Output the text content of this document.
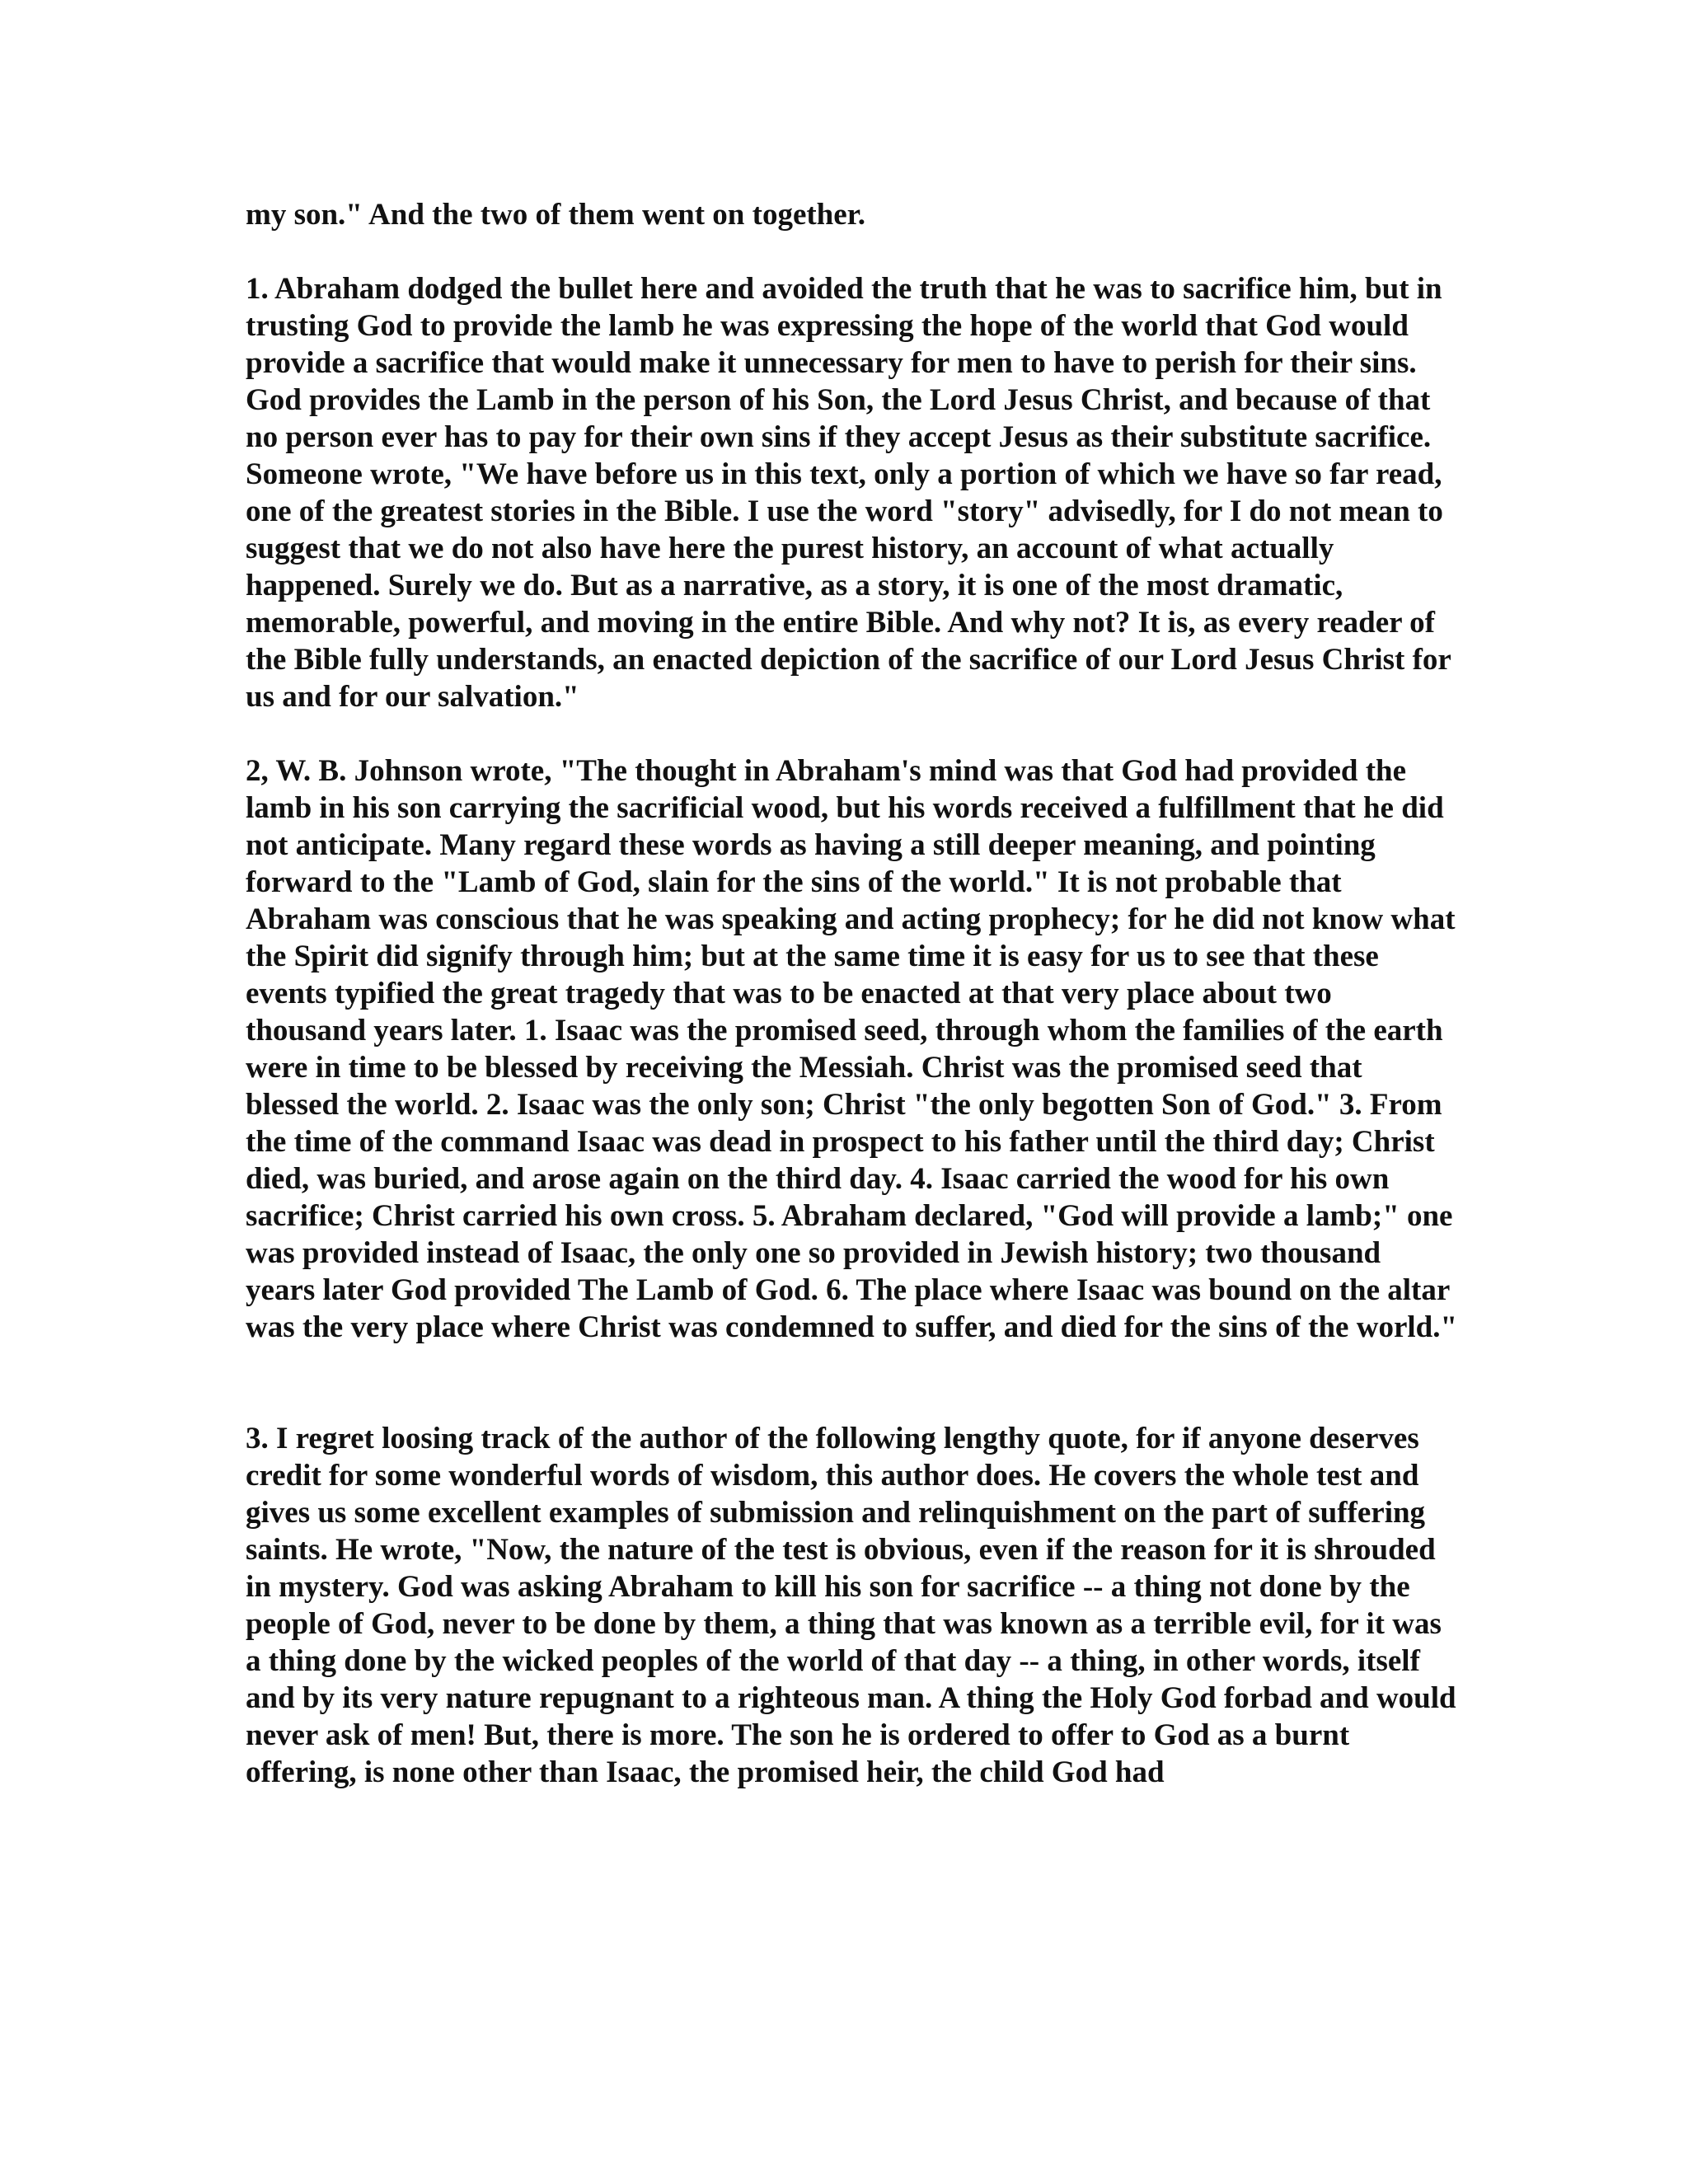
my son." And the two of them went on together.

1. Abraham dodged the bullet here and avoided the truth that he was to sacrifice him, but in trusting God to provide the lamb he was expressing the hope of the world that God would provide a sacrifice that would make it unnecessary for men to have to perish for their sins. God provides the Lamb in the person of his Son, the Lord Jesus Christ, and because of that no person ever has to pay for their own sins if they accept Jesus as their substitute sacrifice. Someone wrote, "We have before us in this text, only a portion of which we have so far read, one of the greatest stories in the Bible. I use the word "story" advisedly, for I do not mean to suggest that we do not also have here the purest history, an account of what actually happened. Surely we do. But as a narrative, as a story, it is one of the most dramatic, memorable, powerful, and moving in the entire Bible. And why not? It is, as every reader of the Bible fully understands, an enacted depiction of the sacrifice of our Lord Jesus Christ for us and for our salvation."

2, W. B. Johnson wrote, "The thought in Abraham's mind was that God had provided the lamb in his son carrying the sacrificial wood, but his words received a fulfillment that he did not anticipate. Many regard these words as having a still deeper meaning, and pointing forward to the "Lamb of God, slain for the sins of the world." It is not probable that Abraham was conscious that he was speaking and acting prophecy; for he did not know what the Spirit did signify through him; but at the same time it is easy for us to see that these events typified the great tragedy that was to be enacted at that very place about two thousand years later. 1. Isaac was the promised seed, through whom the families of the earth were in time to be blessed by receiving the Messiah. Christ was the promised seed that blessed the world. 2. Isaac was the only son; Christ "the only begotten Son of God." 3. From the time of the command Isaac was dead in prospect to his father until the third day; Christ died, was buried, and arose again on the third day. 4. Isaac carried the wood for his own sacrifice; Christ carried his own cross. 5. Abraham declared, "God will provide a lamb;" one was provided instead of Isaac, the only one so provided in Jewish history; two thousand years later God provided The Lamb of God. 6. The place where Isaac was bound on the altar was the very place where Christ was condemned to suffer, and died for the sins of the world."

3. I regret loosing track of the author of the following lengthy quote, for if anyone deserves credit for some wonderful words of wisdom, this author does. He covers the whole test and gives us some excellent examples of submission and relinquishment on the part of suffering saints. He wrote, "Now, the nature of the test is obvious, even if the reason for it is shrouded in mystery. God was asking Abraham to kill his son for sacrifice -- a thing not done by the people of God, never to be done by them, a thing that was known as a terrible evil, for it was a thing done by the wicked peoples of the world of that day -- a thing, in other words, itself and by its very nature repugnant to a righteous man. A thing the Holy God forbad and would never ask of men! But, there is more. The son he is ordered to offer to God as a burnt offering, is none other than Isaac, the promised heir, the child God had
